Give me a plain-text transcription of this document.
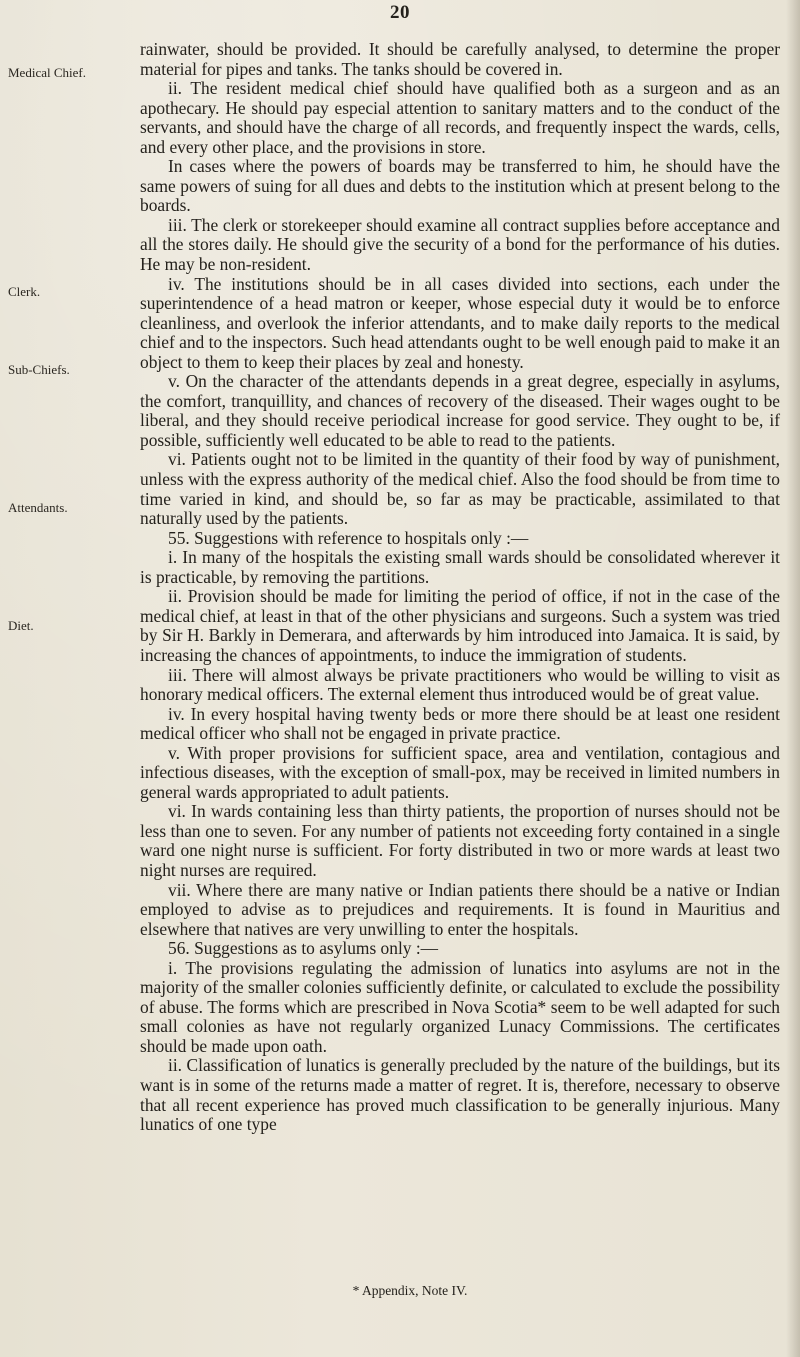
20
Medical Chief.
Clerk.
Sub-Chiefs.
Attendants.
Diet.

rainwater, should be provided. It should be carefully analysed, to determine the proper material for pipes and tanks. The tanks should be covered in.

ii. The resident medical chief should have qualified both as a surgeon and as an apothecary. He should pay especial attention to sanitary matters and to the conduct of the servants, and should have the charge of all records, and frequently inspect the wards, cells, and every other place, and the provisions in store.

In cases where the powers of boards may be transferred to him, he should have the same powers of suing for all dues and debts to the institution which at present belong to the boards.

iii. The clerk or storekeeper should examine all contract supplies before acceptance and all the stores daily. He should give the security of a bond for the performance of his duties. He may be non-resident.

iv. The institutions should be in all cases divided into sections, each under the superintendence of a head matron or keeper, whose especial duty it would be to enforce cleanliness, and overlook the inferior attendants, and to make daily reports to the medical chief and to the inspectors. Such head attendants ought to be well enough paid to make it an object to them to keep their places by zeal and honesty.

v. On the character of the attendants depends in a great degree, especially in asylums, the comfort, tranquillity, and chances of recovery of the diseased. Their wages ought to be liberal, and they should receive periodical increase for good service. They ought to be, if possible, sufficiently well educated to be able to read to the patients.

vi. Patients ought not to be limited in the quantity of their food by way of punishment, unless with the express authority of the medical chief. Also the food should be from time to time varied in kind, and should be, so far as may be practicable, assimilated to that naturally used by the patients.

55. Suggestions with reference to hospitals only :—

i. In many of the hospitals the existing small wards should be consolidated wherever it is practicable, by removing the partitions.

ii. Provision should be made for limiting the period of office, if not in the case of the medical chief, at least in that of the other physicians and surgeons. Such a system was tried by Sir H. Barkly in Demerara, and afterwards by him introduced into Jamaica. It is said, by increasing the chances of appointments, to induce the immigration of students.

iii. There will almost always be private practitioners who would be willing to visit as honorary medical officers. The external element thus introduced would be of great value.

iv. In every hospital having twenty beds or more there should be at least one resident medical officer who shall not be engaged in private practice.

v. With proper provisions for sufficient space, area and ventilation, contagious and infectious diseases, with the exception of small-pox, may be received in limited numbers in general wards appropriated to adult patients.

vi. In wards containing less than thirty patients, the proportion of nurses should not be less than one to seven. For any number of patients not exceeding forty contained in a single ward one night nurse is sufficient. For forty distributed in two or more wards at least two night nurses are required.

vii. Where there are many native or Indian patients there should be a native or Indian employed to advise as to prejudices and requirements. It is found in Mauritius and elsewhere that natives are very unwilling to enter the hospitals.

56. Suggestions as to asylums only :—

i. The provisions regulating the admission of lunatics into asylums are not in the majority of the smaller colonies sufficiently definite, or calculated to exclude the possibility of abuse. The forms which are prescribed in Nova Scotia* seem to be well adapted for such small colonies as have not regularly organized Lunacy Commissions. The certificates should be made upon oath.

ii. Classification of lunatics is generally precluded by the nature of the buildings, but its want is in some of the returns made a matter of regret. It is, therefore, necessary to observe that all recent experience has proved much classification to be generally injurious. Many lunatics of one type

* Appendix, Note IV.
